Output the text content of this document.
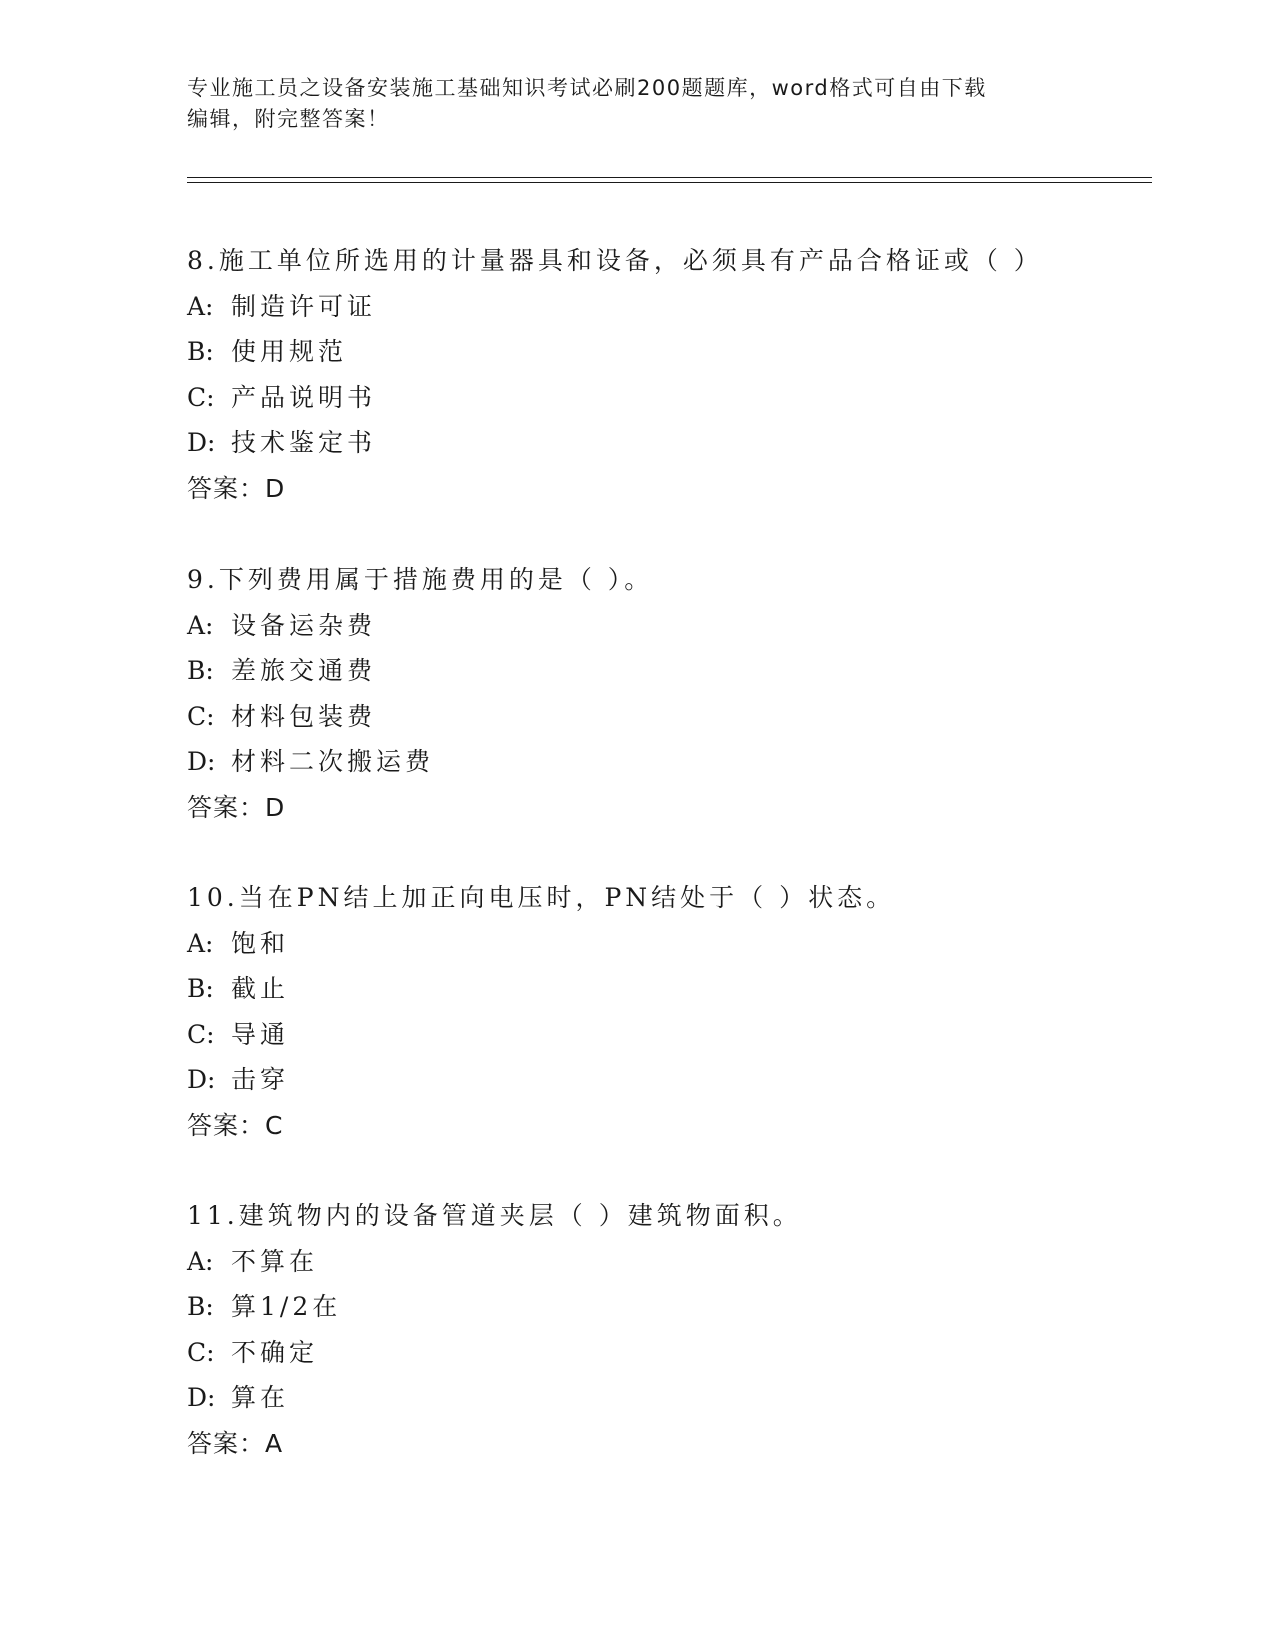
专业施工员之设备安装施工基础知识考试必刷200题题库，word格式可自由下载
编辑，附完整答案！
8.施工单位所选用的计量器具和设备，必须具有产品合格证或（ ）
A: 制造许可证
B: 使用规范
C: 产品说明书
D: 技术鉴定书
答案：D
9.下列费用属于措施费用的是（ ）。
A: 设备运杂费
B: 差旅交通费
C: 材料包装费
D: 材料二次搬运费
答案：D
10.当在PN结上加正向电压时，PN结处于（ ）状态。
A: 饱和
B: 截止
C: 导通
D: 击穿
答案：C
11.建筑物内的设备管道夹层（ ）建筑物面积。
A: 不算在
B: 算1/2在
C: 不确定
D: 算在
答案：A
